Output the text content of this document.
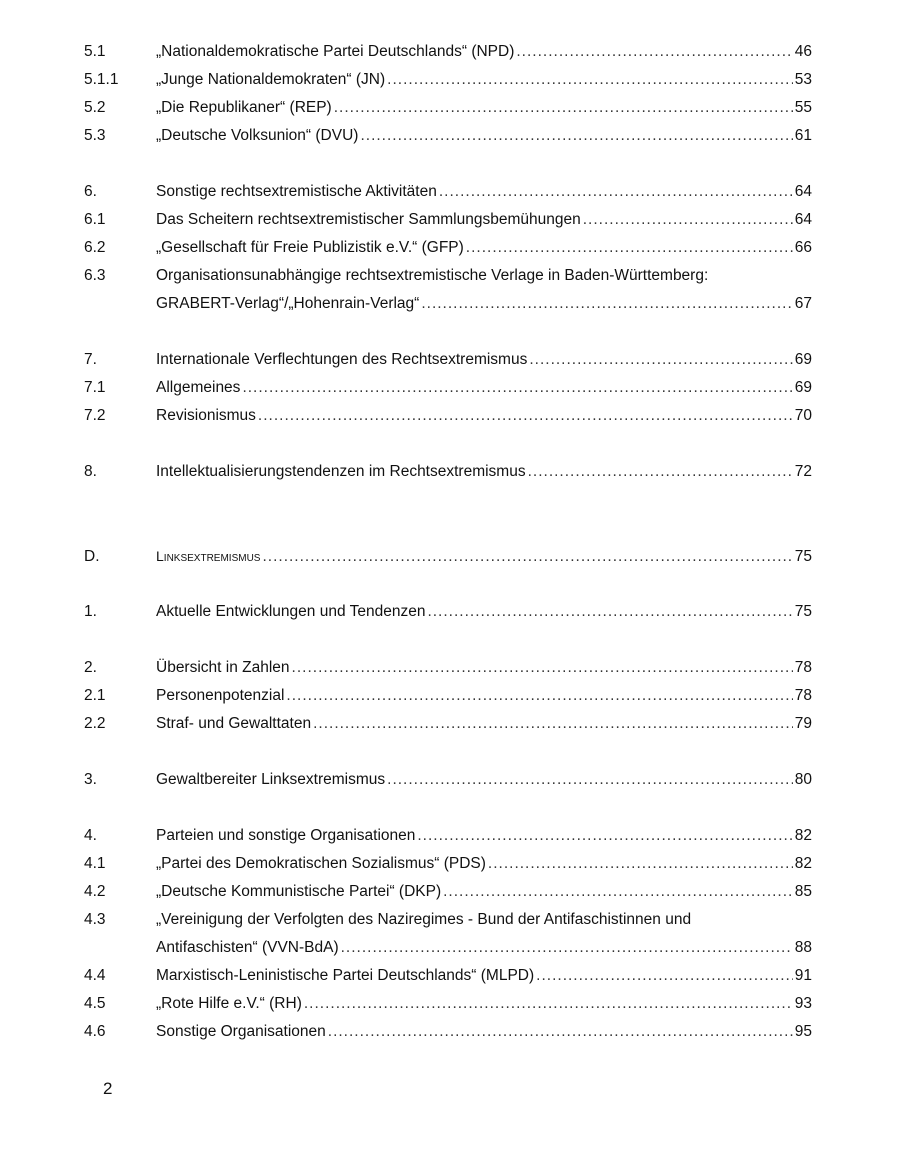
5.1	„Nationaldemokratische Partei Deutschlands“ (NPD) .....	46
5.1.1	„Junge Nationaldemokraten“ (JN) .....	53
5.2	„Die Republikaner“ (REP) .....	55
5.3	„Deutsche Volksunion“ (DVU) .....	61
6.	Sonstige rechtsextremistische Aktivitäten .....	64
6.1	Das Scheitern rechtsextremistischer Sammlungsbemühungen .....	64
6.2	„Gesellschaft für Freie Publizistik e.V.“ (GFP) .....	66
6.3	Organisationsunabhängige rechtsextremistische Verlage in Baden-Württemberg:
GRABERT-Verlag“/„Hohenrain-Verlag“ .....	67
7.	Internationale Verflechtungen des Rechtsextremismus .....	69
7.1	Allgemeines .....	69
7.2	Revisionismus .....	70
8.	Intellektualisierungstendenzen im Rechtsextremismus .....	72
D.	Linksextremismus .....	75
1.	Aktuelle Entwicklungen und Tendenzen .....	75
2.	Übersicht in Zahlen .....	78
2.1	Personenpotenzial .....	78
2.2	Straf- und Gewalttaten .....	79
3.	Gewaltbereiter Linksextremismus .....	80
4.	Parteien und sonstige Organisationen .....	82
4.1	„Partei des Demokratischen Sozialismus“ (PDS) .....	82
4.2	„Deutsche Kommunistische Partei“ (DKP) .....	85
4.3	„Vereinigung der Verfolgten des Naziregimes - Bund der Antifaschistinnen und
Antifaschisten“ (VVN-BdA) .....	88
4.4	Marxistisch-Leninistische Partei Deutschlands“ (MLPD) .....	91
4.5	„Rote Hilfe e.V.“ (RH) .....	93
4.6	Sonstige Organisationen .....	95
2
